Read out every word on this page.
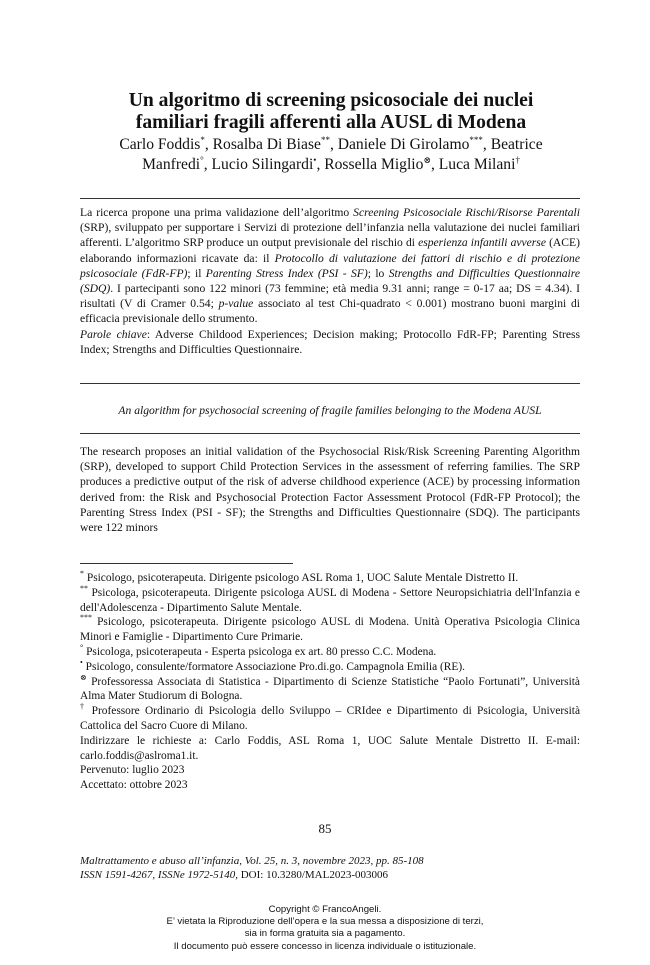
Un algoritmo di screening psicosociale dei nuclei
familiari fragili afferenti alla AUSL di Modena
Carlo Foddis*, Rosalba Di Biase**, Daniele Di Girolamo***, Beatrice Manfredi°, Lucio Silingardi•, Rossella Miglio⊗, Luca Milani†

La ricerca propone una prima validazione dell’algoritmo Screening Psicosociale Rischi/Risorse Parentali (SRP), sviluppato per supportare i Servizi di protezione dell’infanzia nella valutazione dei nuclei familiari afferenti. L’algoritmo SRP produce un output previsionale del rischio di esperienza infantili avverse (ACE) elaborando informazioni ricavate da: il Protocollo di valutazione dei fattori di rischio e di protezione psicosociale (FdR-FP); il Parenting Stress Index (PSI - SF); lo Strengths and Difficulties Questionnaire (SDQ). I partecipanti sono 122 minori (73 femmine; età media 9.31 anni; range = 0-17 aa; DS = 4.34). I risultati (V di Cramer 0.54; p-value associato al test Chi-quadrato < 0.001) mostrano buoni margini di efficacia previsionale dello strumento.

Parole chiave: Adverse Childood Experiences; Decision making; Protocollo FdR-FP; Parenting Stress Index; Strengths and Difficulties Questionnaire.

An algorithm for psychosocial screening of fragile families belonging to the Modena AUSL

The research proposes an initial validation of the Psychosocial Risk/Risk Screening Parenting Algorithm (SRP), developed to support Child Protection Services in the assessment of referring families. The SRP produces a predictive output of the risk of adverse childhood experience (ACE) by processing information derived from: the Risk and Psychosocial Protection Factor Assessment Protocol (FdR-FP Protocol); the Parenting Stress Index (PSI - SF); the Strengths and Difficulties Questionnaire (SDQ). The participants were 122 minors

* Psicologo, psicoterapeuta. Dirigente psicologo ASL Roma 1, UOC Salute Mentale Distretto II.

** Psicologa, psicoterapeuta. Dirigente psicologa AUSL di Modena - Settore Neuropsichiatria dell'Infanzia e dell'Adolescenza - Dipartimento Salute Mentale.

*** Psicologo, psicoterapeuta. Dirigente psicologo AUSL di Modena. Unità Operativa Psicologia Clinica Minori e Famiglie - Dipartimento Cure Primarie.

° Psicologa, psicoterapeuta - Esperta psicologa ex art. 80 presso C.C. Modena.

• Psicologo, consulente/formatore Associazione Pro.di.go. Campagnola Emilia (RE).

⊗ Professoressa Associata di Statistica - Dipartimento di Scienze Statistiche “Paolo Fortunati”, Università Alma Mater Studiorum di Bologna.

† Professore Ordinario di Psicologia dello Sviluppo – CRIdee e Dipartimento di Psicologia, Università Cattolica del Sacro Cuore di Milano.

Indirizzare le richieste a: Carlo Foddis, ASL Roma 1, UOC Salute Mentale Distretto II. E-mail: carlo.foddis@aslroma1.it.

Pervenuto: luglio 2023

Accettato: ottobre 2023

85
Maltrattamento e abuso all’infanzia, Vol. 25, n. 3, novembre 2023, pp. 85-108
ISSN 1591-4267, ISSNe 1972-5140, DOI: 10.3280/MAL2023-003006

Copyright © FrancoAngeli.

E’ vietata la Riproduzione dell’opera e la sua messa a disposizione di terzi,

sia in forma gratuita sia a pagamento.

Il documento può essere concesso in licenza individuale o istituzionale.
